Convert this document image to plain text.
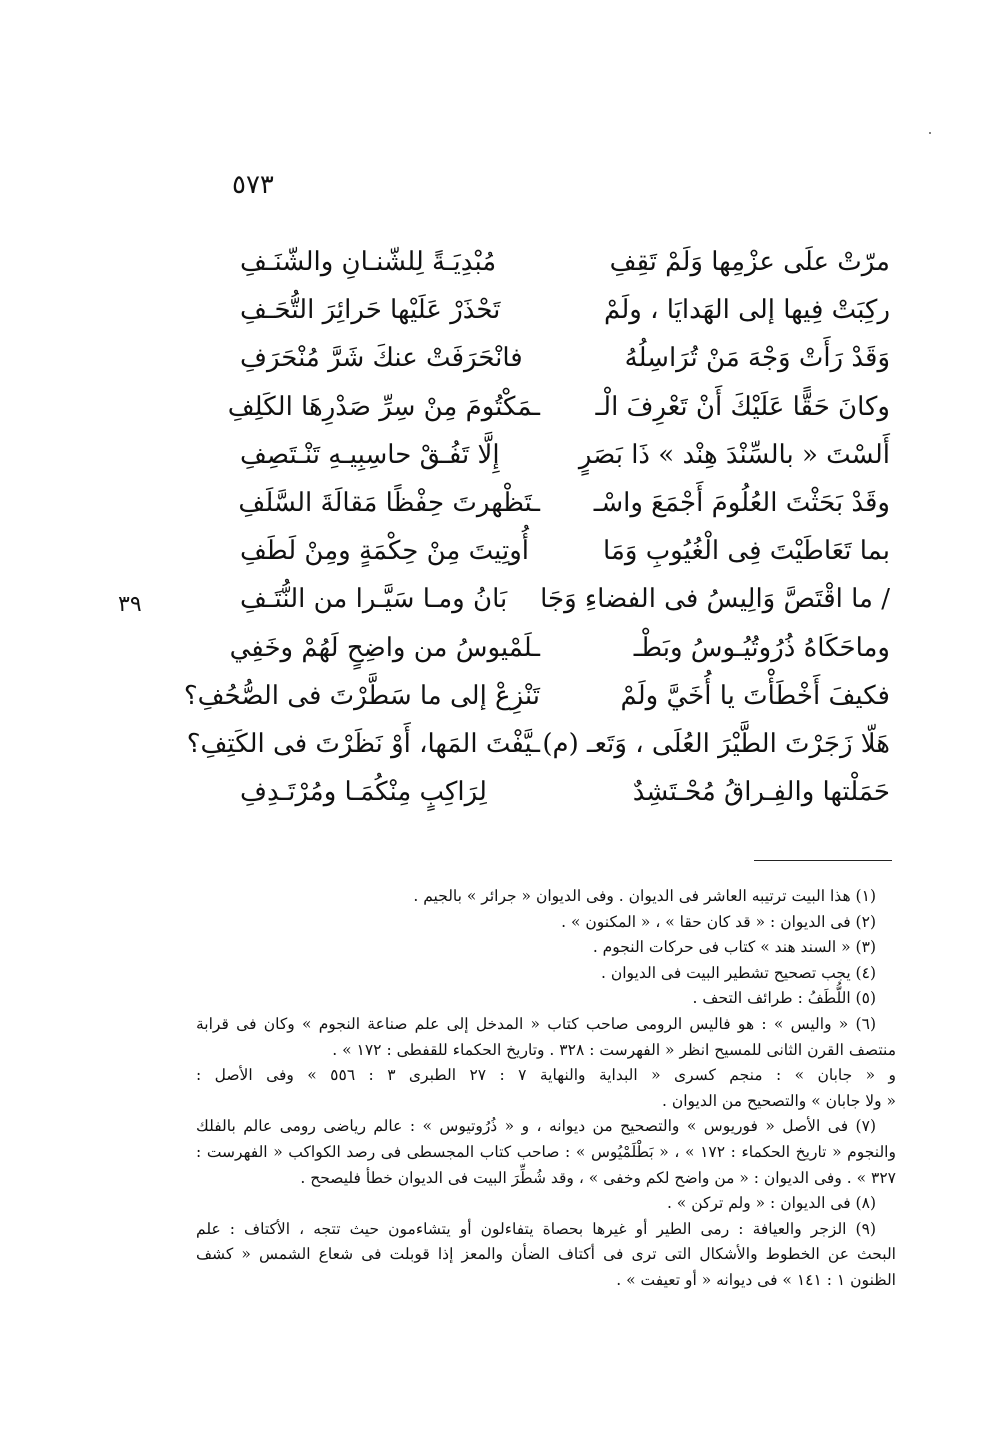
٥٧٣
٣٩
مرّتْ علَى عزْمِها وَلَمْ تَقِفِ
مُبْدِيَـةً لِلشّنـانِ والشّنَـفِ
ركِبَتْ فِيها إلى الهَدايَا ، ولَمْ
تَحْذَرْ عَلَيْها حَرائِرَ التُّحَـفِ
وَقَدْ رَأَتْ وَجْهَ مَنْ تُرَاسِلُهُ
فانْحَرَفَتْ عنكَ شَرَّ مُنْحَرَفِ
وكانَ حَقًّا عَلَيْكَ أَنْ تَعْرِفَ الْـ
ـمَكْتُومَ مِنْ سِرِّ صَدْرِهَا الكَلِفِ
أَلسْتَ « بالسِّنْدَ هِنْد » ذَا بَصَرٍ
إِلَّا تَفُـقْ حاسِبِيـهِ تَنْـتَصِفِ
وقَدْ بَحَثْتَ العُلُومَ أَجْمَعَ واسْـ
ـتَظْهرتَ حِفْظًا مَقالَةَ السَّلَفِ
بما تَعَاطَيْتَ فِى الْغُيُوبِ وَمَا
أُوتِيتَ مِنْ حِكْمَةٍ ومِنْ لَطَفِ
/ ما اقْتَصَّ وَالِيسُ فى الفضاءِ وَجَا
بَانُ ومـا سَيَّـرا من النُّتَـفِ
وماحَكَاهُ ذُرُوتُيُـوسُ وبَطْـ
ـلَمْيوسُ من واضِحٍ لَهُمْ وخَفِي
فكيفَ أَخْطَأْتَ يا أُخَيَّ ولَمْ
تَنْزِعْ إلى ما سَطَّرْتَ فى الصُّحُفِ؟
هَلّا زَجَرْتَ الطَّيْرَ العُلَى ، وَتَعـ (م)
ـيَّفْتَ المَها، أَوْ نَظَرْتَ فى الكَتِفِ؟
حَمَلْتها والفِـراقُ مُحْـتَشِدٌ
لِرَاكِبٍ مِنْكُمَـا ومُرْتَـدِفِ
(١) هذا البيت ترتيبه العاشر فى الديوان . وفى الديوان « جرائر » بالجيم .
(٢) فى الديوان : « قد كان حقا » ، « المكنون » .
(٣) « السند هند » كتاب فى حركات النجوم .
(٤) يجب تصحيح تشطير البيت فى الديوان .
(٥) اللُّطَفُ : طرائف التحف .
(٦) « واليس » : هو فاليس الرومى صاحب كتاب « المدخل إلى علم صناعة النجوم » وكان فى قرابة
منتصف القرن الثانى للمسيح انظر « الفهرست : ٣٢٨ . وتاريخ الحكماء للقفطى : ١٧٢ » .
و « جابان » : منجم كسرى « البداية والنهاية ٧ : ٢٧ الطبرى ٣ : ٥٥٦ » وفى الأصل :
« ولا جابان » والتصحيح من الديوان .
(٧) فى الأصل « فوريوس » والتصحيح من ديوانه ، و « ذُرُوتيوس » : عالم رياضى رومى عالم بالفلك
والنجوم « تاريخ الحكماء : ١٧٢ » ، « بَطْلَمْيُوس » : صاحب كتاب المجسطى فى رصد الكواكب « الفهرست :
٣٢٧ » . وفى الديوان : « من واضح لكم وخفى » ، وقد شُطِّرَ البيت فى الديوان خطأ فليصحح .
(٨) فى الديوان : « ولم تركن » .
(٩) الزجر والعيافة : رمى الطير أو غيرها بحصاة يتفاءلون أو يتشاءمون حيث تتجه ، الأكتاف : علم
البحث عن الخطوط والأشكال التى ترى فى أكتاف الضأن والمعز إذا قوبلت فى شعاع الشمس « كشف
الظنون ١ : ١٤١ » فى ديوانه « أو تعيفت » .
